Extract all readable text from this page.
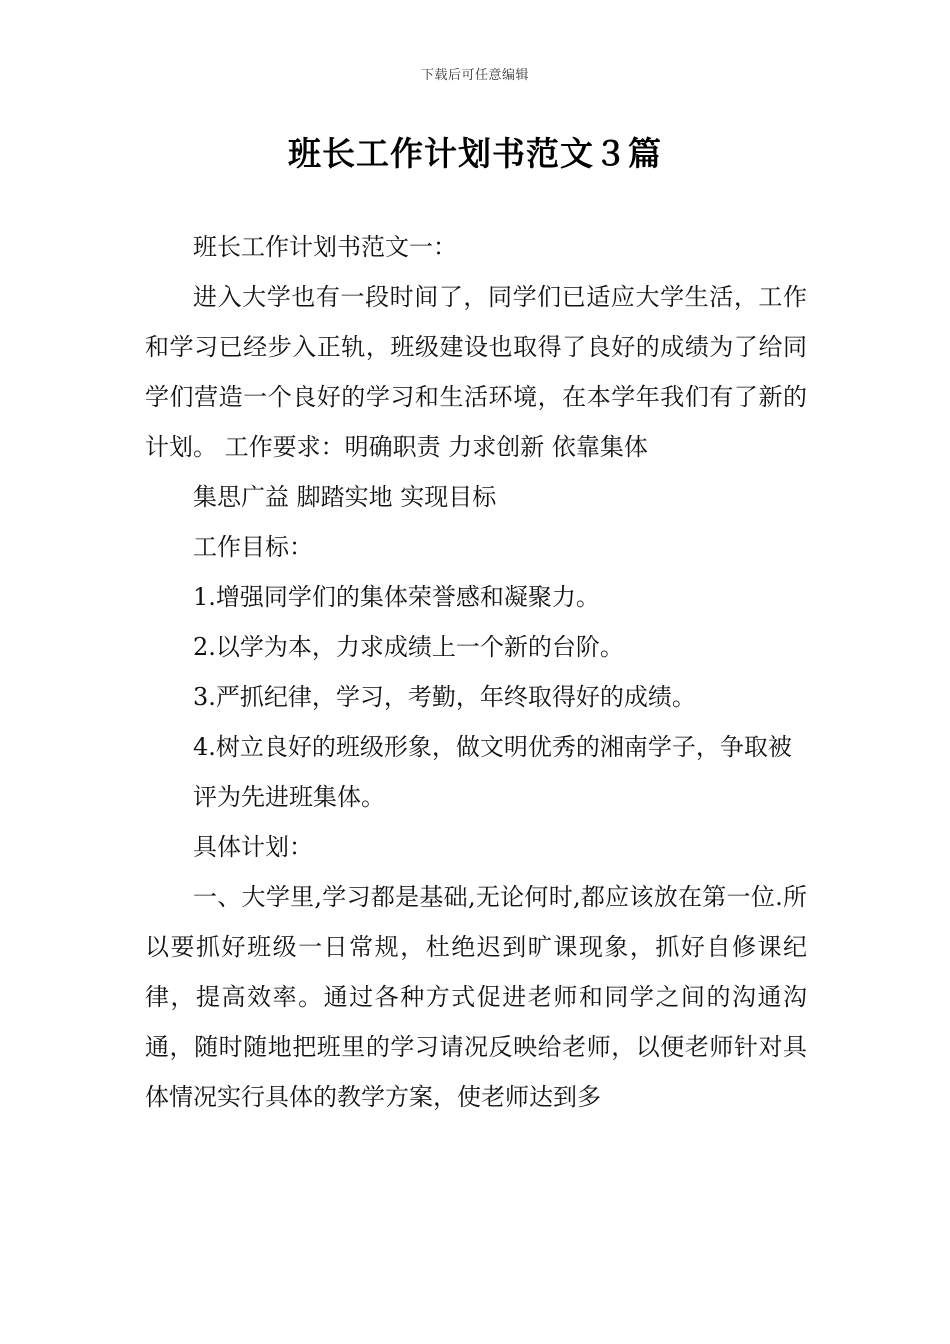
下载后可任意编辑
班长工作计划书范文３篇

班长工作计划书范文一：

进入大学也有一段时间了，同学们已适应大学生活，工作和学习已经步入正轨，班级建设也取得了良好的成绩为了给同学们营造一个良好的学习和生活环境，在本学年我们有了新的计划。 工作要求：明确职责 力求创新 依靠集体

集思广益 脚踏实地 实现目标

工作目标：

1.增强同学们的集体荣誉感和凝聚力。

2.以学为本，力求成绩上一个新的台阶。

3.严抓纪律，学习，考勤，年终取得好的成绩。

4.树立良好的班级形象，做文明优秀的湘南学子，争取被

评为先进班集体。

具体计划：

一、大学里,学习都是基础,无论何时,都应该放在第一位.所以要抓好班级一日常规，杜绝迟到旷课现象，抓好自修课纪律，提高效率。通过各种方式促进老师和同学之间的沟通沟通，随时随地把班里的学习请况反映给老师，以便老师针对具体情况实行具体的教学方案，使老师达到多
